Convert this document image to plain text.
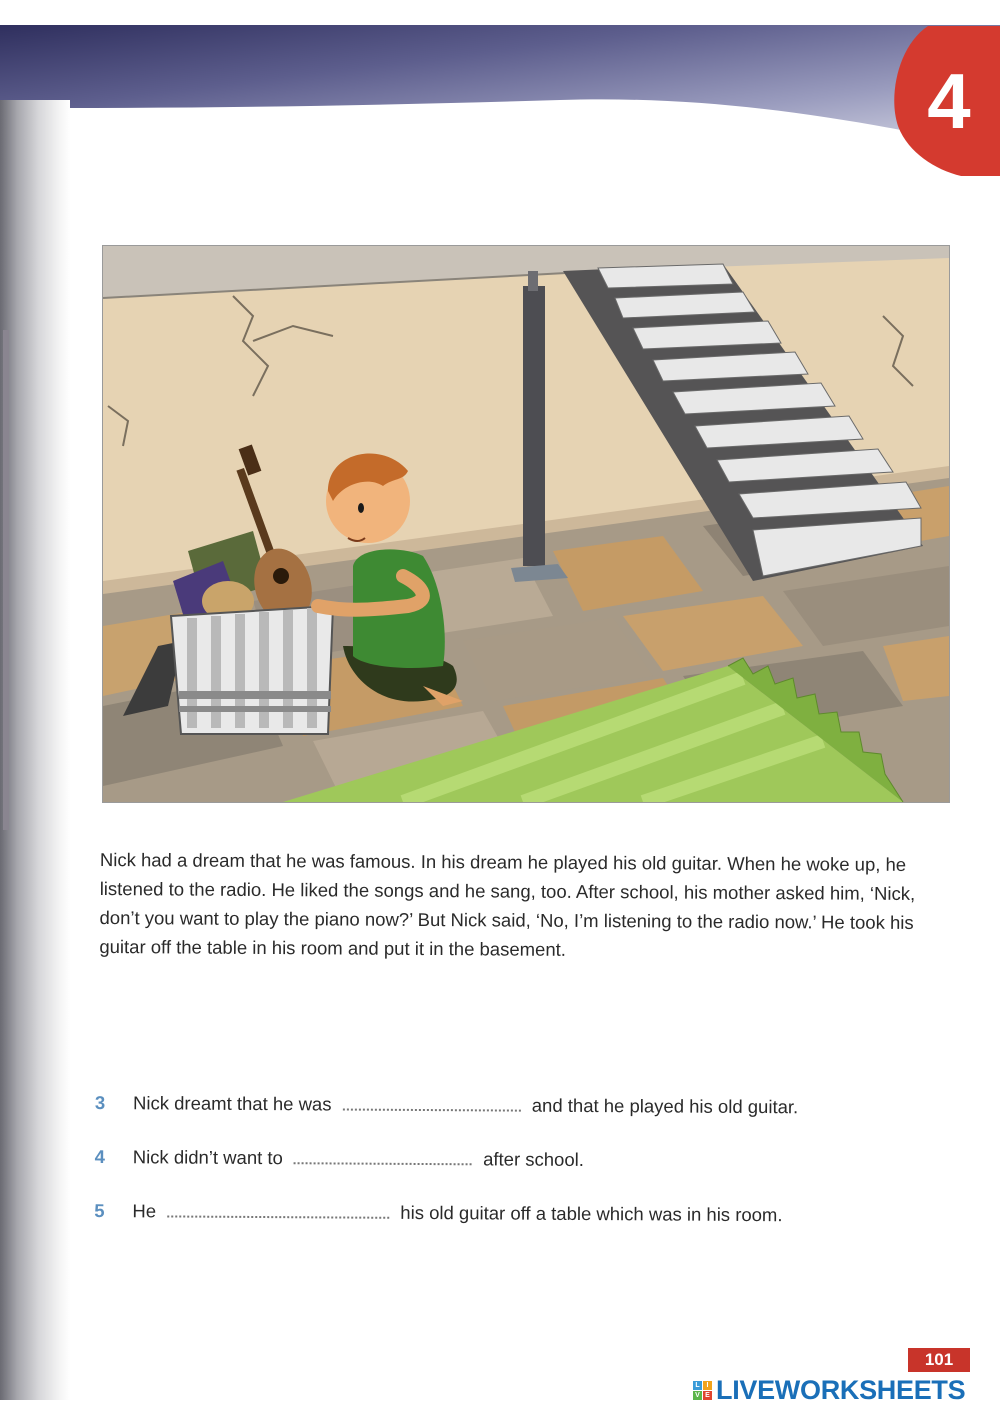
4
Nick had a dream that he was famous. In his dream he played his old guitar. When he woke up, he listened to the radio. He liked the songs and he sang, too. After school, his mother asked him, ‘Nick, don’t you want to play the piano now?’ But Nick said, ‘No, I’m listening to the radio now.’ He took his guitar off the table in his room and put it in the basement.
3 Nick dreamt that he was	and that he played his old guitar.
4 Nick didn’t want to	after school.
5 He	his old guitar off a table which was in his room.
101
L I
V E LIVEWORKSHEETS
